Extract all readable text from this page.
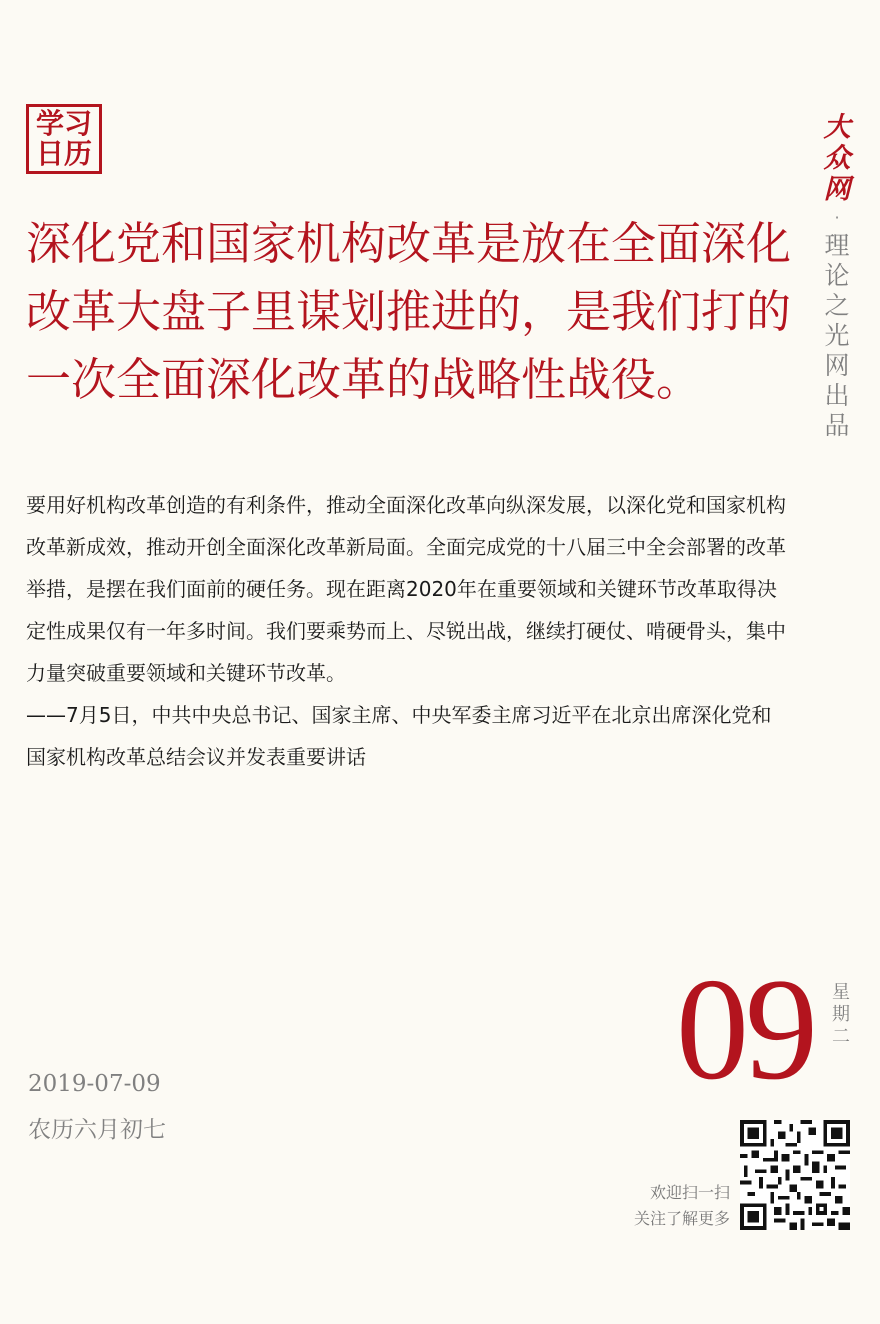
学习
日历
大
众
网
·
理论之光网出品
深化党和国家机构改革是放在全面深化改革大盘子里谋划推进的，是我们打的一次全面深化改革的战略性战役。

要用好机构改革创造的有利条件，推动全面深化改革向纵深发展，以深化党和国家机构改革新成效，推动开创全面深化改革新局面。全面完成党的十八届三中全会部署的改革举措，是摆在我们面前的硬任务。现在距离2020年在重要领域和关键环节改革取得决定性成果仅有一年多时间。我们要乘势而上、尽锐出战，继续打硬仗、啃硬骨头，集中力量突破重要领域和关键环节改革。

——7月5日，中共中央总书记、国家主席、中央军委主席习近平在北京出席深化党和国家机构改革总结会议并发表重要讲话

09 星期二
2019-07-09
农历六月初七
欢迎扫一扫
关注了解更多
